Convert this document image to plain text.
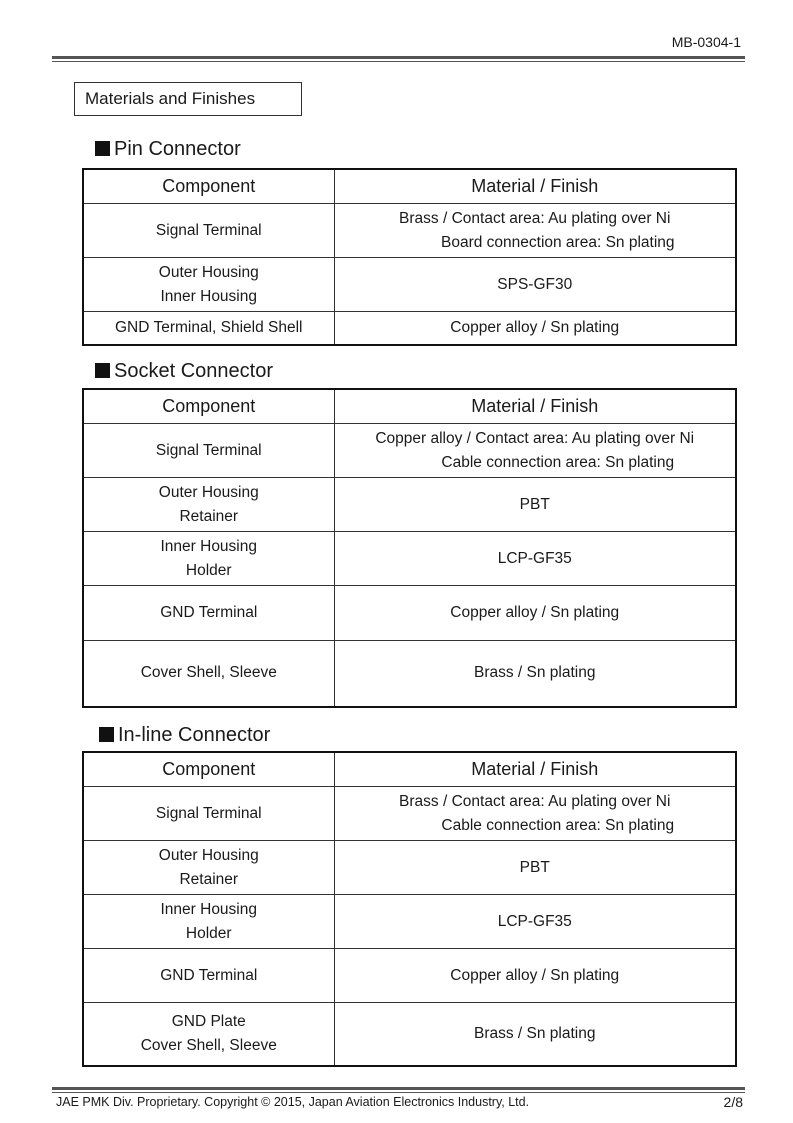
MB-0304-1
Materials and Finishes
Pin Connector
Component	Material / Finish

Signal Terminal	Brass / Contact area: Au plating over Ni
Board connection area: Sn plating

Outer Housing
Inner Housing	SPS-GF30

GND Terminal, Shield Shell	Copper alloy / Sn plating
Socket Connector
Component	Material / Finish

Signal Terminal	Copper alloy / Contact area: Au plating over Ni
Cable connection area: Sn plating

Outer Housing
Retainer	PBT

Inner Housing
Holder	LCP-GF35

GND Terminal	Copper alloy / Sn plating

Cover Shell, Sleeve	Brass / Sn plating
In-line Connector
Component	Material / Finish

Signal Terminal	Brass / Contact area: Au plating over Ni
Cable connection area: Sn plating

Outer Housing
Retainer	PBT

Inner Housing
Holder	LCP-GF35

GND Terminal	Copper alloy / Sn plating

GND Plate
Cover Shell, Sleeve	Brass / Sn plating
JAE PMK Div. Proprietary. Copyright © 2015, Japan Aviation Electronics Industry, Ltd.	2/8
